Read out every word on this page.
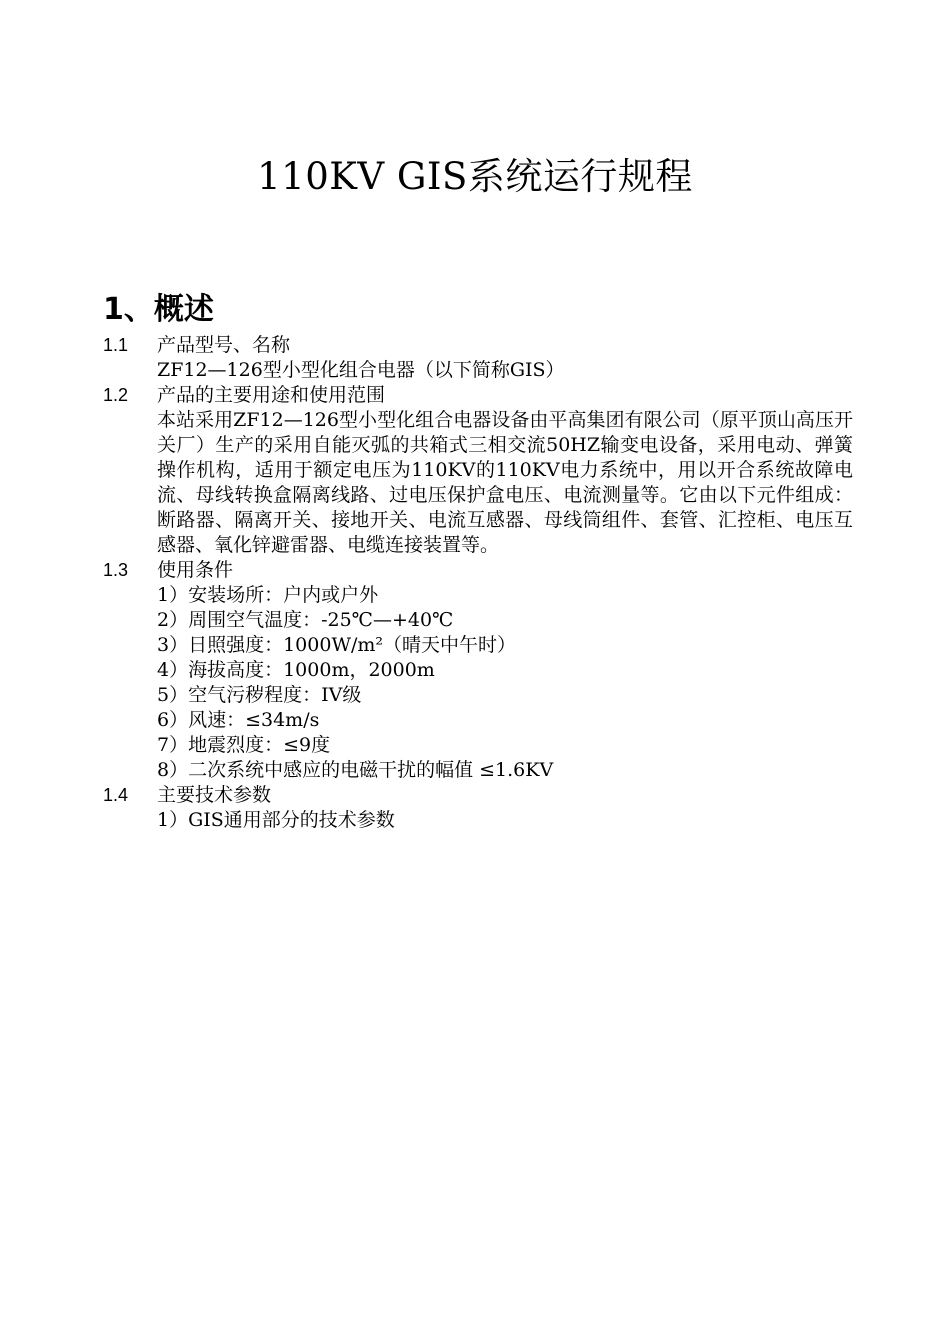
110KV GIS系统运行规程
1、概述
1.1	产品型号、名称
ZF12—126型小型化组合电器（以下简称GIS）
1.2	产品的主要用途和使用范围
本站采用ZF12—126型小型化组合电器设备由平高集团有限公司（原平顶山高压开关厂）生产的采用自能灭弧的共箱式三相交流50HZ输变电设备，采用电动、弹簧操作机构，适用于额定电压为110KV的110KV电力系统中，用以开合系统故障电流、母线转换盒隔离线路、过电压保护盒电压、电流测量等。它由以下元件组成：断路器、隔离开关、接地开关、电流互感器、母线筒组件、套管、汇控柜、电压互感器、氧化锌避雷器、电缆连接装置等。
1.3	使用条件
1）安装场所：户内或户外
2）周围空气温度：-25℃—+40℃
3）日照强度：1000W/m²（晴天中午时）
4）海拔高度：1000m，2000m
5）空气污秽程度：IV级
6）风速：≤34m/s
7）地震烈度：≤9度
8）二次系统中感应的电磁干扰的幅值 ≤1.6KV
1.4	主要技术参数
1）GIS通用部分的技术参数
